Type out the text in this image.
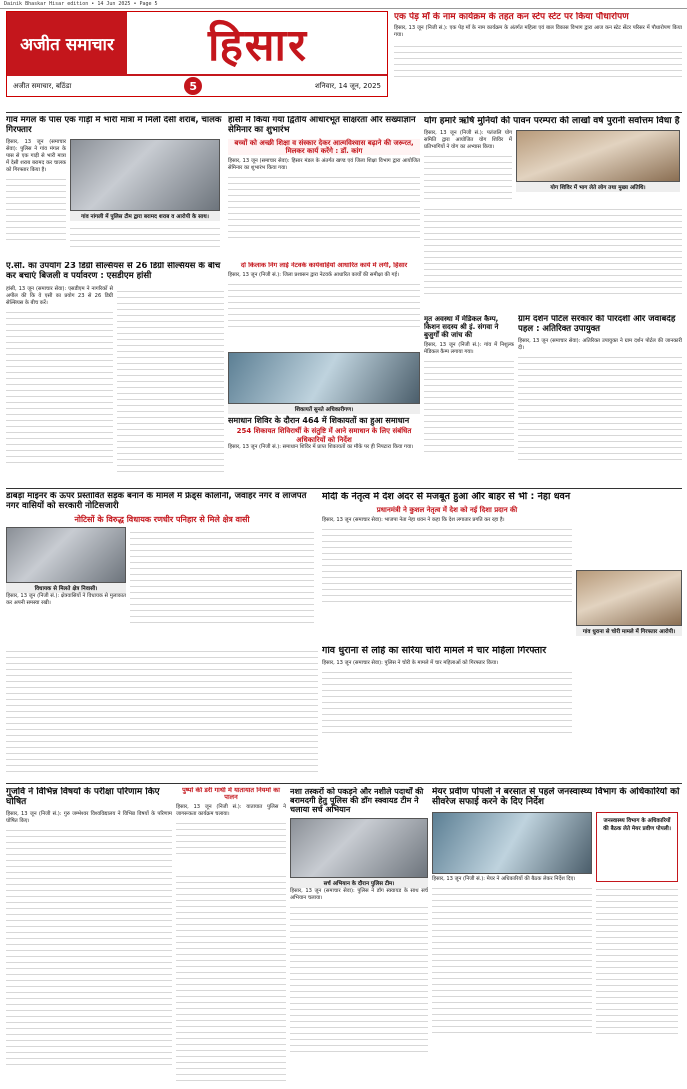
Dainik Bhaskar Hisar edition • 14 Jun 2025 • Page 5
अजीत समाचार	हिसार
अजीत समाचार, बठिंडा	5	शनिवार, 14 जून, 2025
एक पेड़ माँ के नाम कार्यक्रम के तहत कन स्टेप स्टेट पर किया पौधारोपण
हिसार, 13 जून (निजी सं.): एक पेड़ माँ के नाम कार्यक्रम के अंतर्गत महिला एवं बाल विकास विभाग द्वारा आज कन स्टेट सेंटर परिसर में पौधारोपण किया गया।
गांव मंगल के पास एक गाड़ी में भारी मात्रा में मिली देसी शराब, चालक गिरफ्तार
हिसार, 13 जून (समाचार सेवा): पुलिस ने गांव मंगल के पास से एक गाड़ी से भारी मात्रा में देसी शराब बरामद कर चालक को गिरफ्तार किया है।
गांव नांगली में पुलिस टीम द्वारा बरामद शराब व आरोपी के साथ।
हांसी में किया गया द्वितीय आधारभूत साक्षरता और संख्याज्ञान सेमिनार का शुभारंभ
बच्चों को अच्छी शिक्षा व संस्कार देकर आत्मविश्वास बढ़ाने की जरूरत, मिलकर कार्य करेंगे : डॉ. कांग
हिसार, 13 जून (समाचार सेवा): हिसार मंडल के अंतर्गत खण्ड एवं जिला शिक्षा विभाग द्वारा आयोजित सेमिनार का शुभारंभ किया गया।
योग हमारे ऋषि मुनियों की पावन परम्परा की लाखों वर्ष पुरानी सर्वोत्तम विधा है
हिसार, 13 जून (निजी सं.): पतंजलि योग समिति द्वारा आयोजित योग शिविर में प्रतिभागियों ने योग का अभ्यास किया।
योग शिविर में भाग लेते लोग तथा मुख्य अतिथि।
ए.सी. का उपयोग 23 डिग्री सेल्सियस से 26 डिग्री सेल्सियस के बीच कर बचाएं बिजली व पर्यावरण : एसडीएम हांसी
हांसी, 13 जून (समाचार सेवा): एसडीएम ने नागरिकों से अपील की कि वे एसी का प्रयोग 23 से 26 डिग्री सेल्सियस के बीच करें।
दो किलाक निग लाई नेटवर्क कार्यवाहियों आधारित कार्य में लगी, हिसार
हिसार, 13 जून (निजी सं.): जिला प्रशासन द्वारा नेटवर्क आधारित कार्यों की समीक्षा की गई।
शिकायतें सुनते अधिकारीगण।
समाधान शिविर के दौरान 464 में शिकायतों का हुआ समाधान
254 शिकायत शिविरार्थी के संतुष्टि में आने समाधान के लिए संबंधित अधिकारियों को निर्देश
हिसार, 13 जून (निजी सं.): समाधान शिविर में प्राप्त शिकायतों का मौके पर ही निपटारा किया गया।
मृत अवस्था में मेडिकल कैम्प, किशन सदस्य श्री इं. संगवा ने बुजुर्गों की जांच की
हिसार, 13 जून (निजी सं.): गांव में निशुल्क मेडिकल कैम्प लगाया गया।
ग्राम दर्शन पोर्टल सरकार की पारदर्शी और जवाबदेह पहल : अतिरिक्त उपायुक्त
हिसार, 13 जून (समाचार सेवा): अतिरिक्त उपायुक्त ने ग्राम दर्शन पोर्टल की जानकारी दी।
डाबड़ा माइनर के ऊपर प्रस्तावित सड़क बनाने के मामले में फ्रेंड्स कॉलोनी, जवाहर नगर व लाजपत नगर वासियों को सरकारी नोटिसजारी
नोटिसों के विरुद्ध विधायक रणधीर पनिहार से मिले क्षेत्र वासी
विधायक से मिलते क्षेत्र निवासी।
हिसार, 13 जून (निजी सं.): क्षेत्रवासियों ने विधायक से मुलाकात कर अपनी समस्या रखी।
मोदी के नेतृत्व में देश अंदर से मजबूत हुआ और बाहर से भी : नेहा धवन
प्रधानमंत्री ने कुशल नेतृत्व में देश को नई दिशा प्रदान की
हिसार, 13 जून (समाचार सेवा): भाजपा नेता नेहा धवन ने कहा कि देश लगातार प्रगति कर रहा है।
गांव धुराना से चोरी मामले में गिरफ्तार आरोपी।
गांव धुराना से लोहे का सरिया चोरी मामले में चार महिला गिरफ्तार
हिसार, 13 जून (समाचार सेवा): पुलिस ने चोरी के मामले में चार महिलाओं को गिरफ्तार किया।
गुजवि ने विभिन्न विषयों के परीक्षा परिणाम किए घोषित
हिसार, 13 जून (निजी सं.): गुरु जम्भेश्वर विश्वविद्यालय ने विभिन्न विषयों के परिणाम घोषित किए।
पुष्पों की डरी गाथी में यातायात नियमों का पालन
हिसार, 13 जून (निजी सं.): यातायात पुलिस ने जागरूकता कार्यक्रम चलाया।
नशा तस्करों को पकड़ने और नशीले पदार्थों की बरामदगी हेतु पुलिस की डॉग स्क्वायड टीम ने चलाया सर्च अभियान
सर्च अभियान के दौरान पुलिस टीम।
हिसार, 13 जून (समाचार सेवा): पुलिस ने डॉग स्क्वायड के साथ सर्च अभियान चलाया।
मेयर प्रवीण पोपली ने बरसात से पहले जनस्वास्थ्य विभाग के अधिकारियों को सीवरेज सफाई करने के दिए निर्देश
हिसार, 13 जून (निजी सं.): मेयर ने अधिकारियों की बैठक लेकर निर्देश दिए।
जनस्वास्थ्य विभाग के अधिकारियों की बैठक लेते मेयर प्रवीण पोपली।
